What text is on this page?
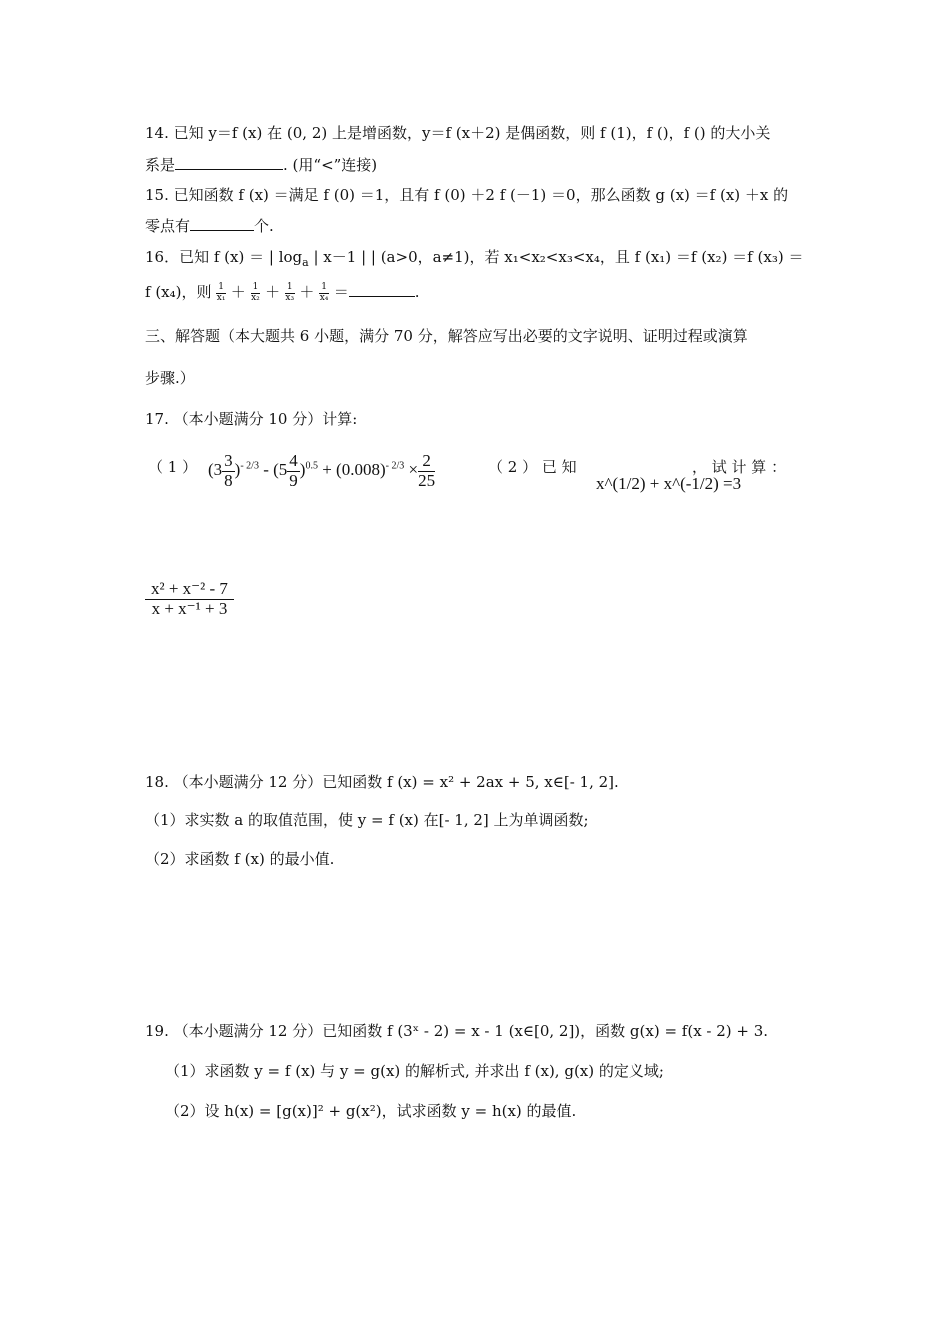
14. 已知 y＝f (x) 在 (0, 2) 上是增函数，y＝f (x＋2) 是偶函数，则 f (1)，f ()，f () 的大小关
系是	. (用“<”连接)
15. 已知函数 f (x) ＝满足 f (0) ＝1，且有 f (0) ＋2 f (－1) ＝0，那么函数 g (x) ＝f (x) ＋x 的
零点有	个.
16．已知 f (x) ＝ | $\log_a$ | x－1 | | (a>0，a≠1)，若 x₁<x₂<x₃<x₄，且 f (x₁) ＝f (x₂) ＝f (x₃) ＝
f (x₄)，则 $\frac{1}{\text{x₁}} + \frac{1}{\text{x₂}} + \frac{1}{\text{x₃}} + \frac{1}{\text{x₄}}$ ＝	.
三、解答题（本大题共 6 小题，满分 70 分，解答应写出必要的文字说明、证明过程或演算
步骤.）
17. （本小题满分 10 分）计算:
（ 1 ） $(3 \frac{3}{8} )^{- 2/3} - (5 \frac{4}{9} )^{0.5} + (0.008)^{- 2/3} \times \frac{2}{25}$	（ 2 ） 已 知
x^(1/2) + x^(-1/2) =3
， 试 计 算 ：
$\frac{\text{x² + x⁻² - 7}}{\text{x + x⁻¹ + 3}}$
18. （本小题满分 12 分）已知函数 f (x) = x² + 2ax + 5, x∈[- 1, 2].
（1）求实数 a 的取值范围，使 y = f (x) 在[- 1, 2] 上为单调函数;
（2）求函数 f (x) 的最小值.
19. （本小题满分 12 分）已知函数 f (3ˣ - 2) = x - 1 (x∈[0, 2])，函数 g(x) = f(x - 2) + 3.
（1）求函数 y = f (x) 与 y = g(x) 的解析式, 并求出 f (x), g(x) 的定义域;
（2）设 h(x) = [g(x)]² + g(x²)，试求函数 y = h(x) 的最值.
